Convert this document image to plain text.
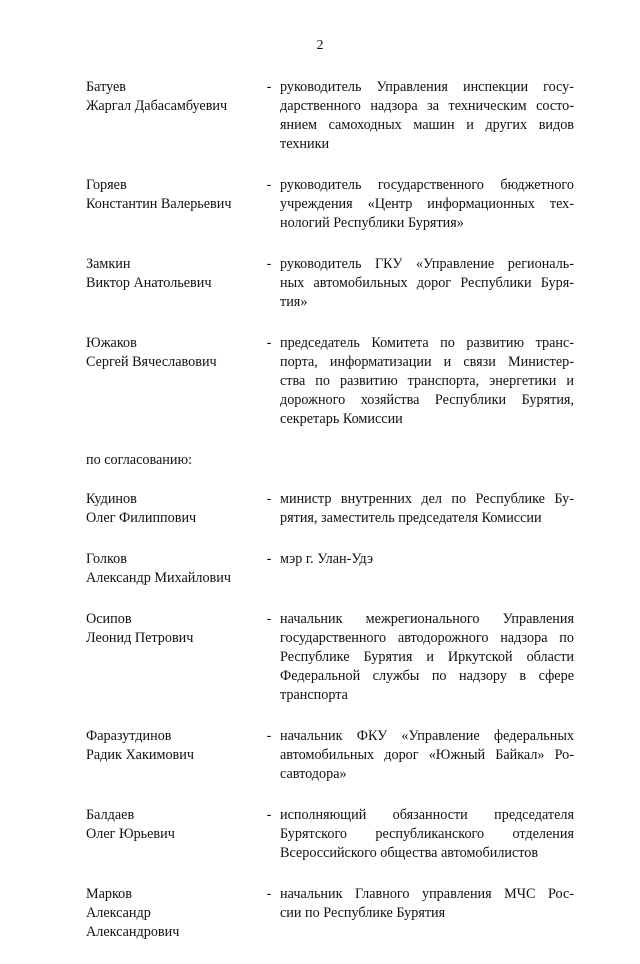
2
Батуев
Жаргал Дабасамбуевич
- руководитель Управления инспекции госу-
дарственного надзора за техническим состо-
янием самоходных машин и других видов
техники
Горяев
Константин Валерьевич
- руководитель государственного бюджетного
учреждения «Центр информационных тех-
нологий Республики Бурятия»
Замкин
Виктор Анатольевич
- руководитель ГКУ «Управление региональ-
ных автомобильных дорог Республики Буря-
тия»
Южаков
Сергей Вячеславович
- председатель Комитета по развитию транс-
порта, информатизации и связи Министер-
ства по развитию транспорта, энергетики и
дорожного хозяйства Республики Бурятия,
секретарь Комиссии
по согласованию:
Кудинов
Олег Филиппович
- министр внутренних дел по Республике Бу-
рятия, заместитель председателя Комиссии
Голков
Александр Михайлович
- мэр г. Улан-Удэ
Осипов
Леонид Петрович
- начальник межрегионального Управления
государственного автодорожного надзора по
Республике Бурятия и Иркутской области
Федеральной службы по надзору в сфере
транспорта
Фаразутдинов
Радик Хакимович
- начальник ФКУ «Управление федеральных
автомобильных дорог «Южный Байкал» Ро-
савтодора»
Балдаев
Олег Юрьевич
- исполняющий обязанности председателя
Бурятского республиканского отделения
Всероссийского общества автомобилистов
Марков
Александр
Александрович
- начальник Главного управления МЧС Рос-
сии по Республике Бурятия
